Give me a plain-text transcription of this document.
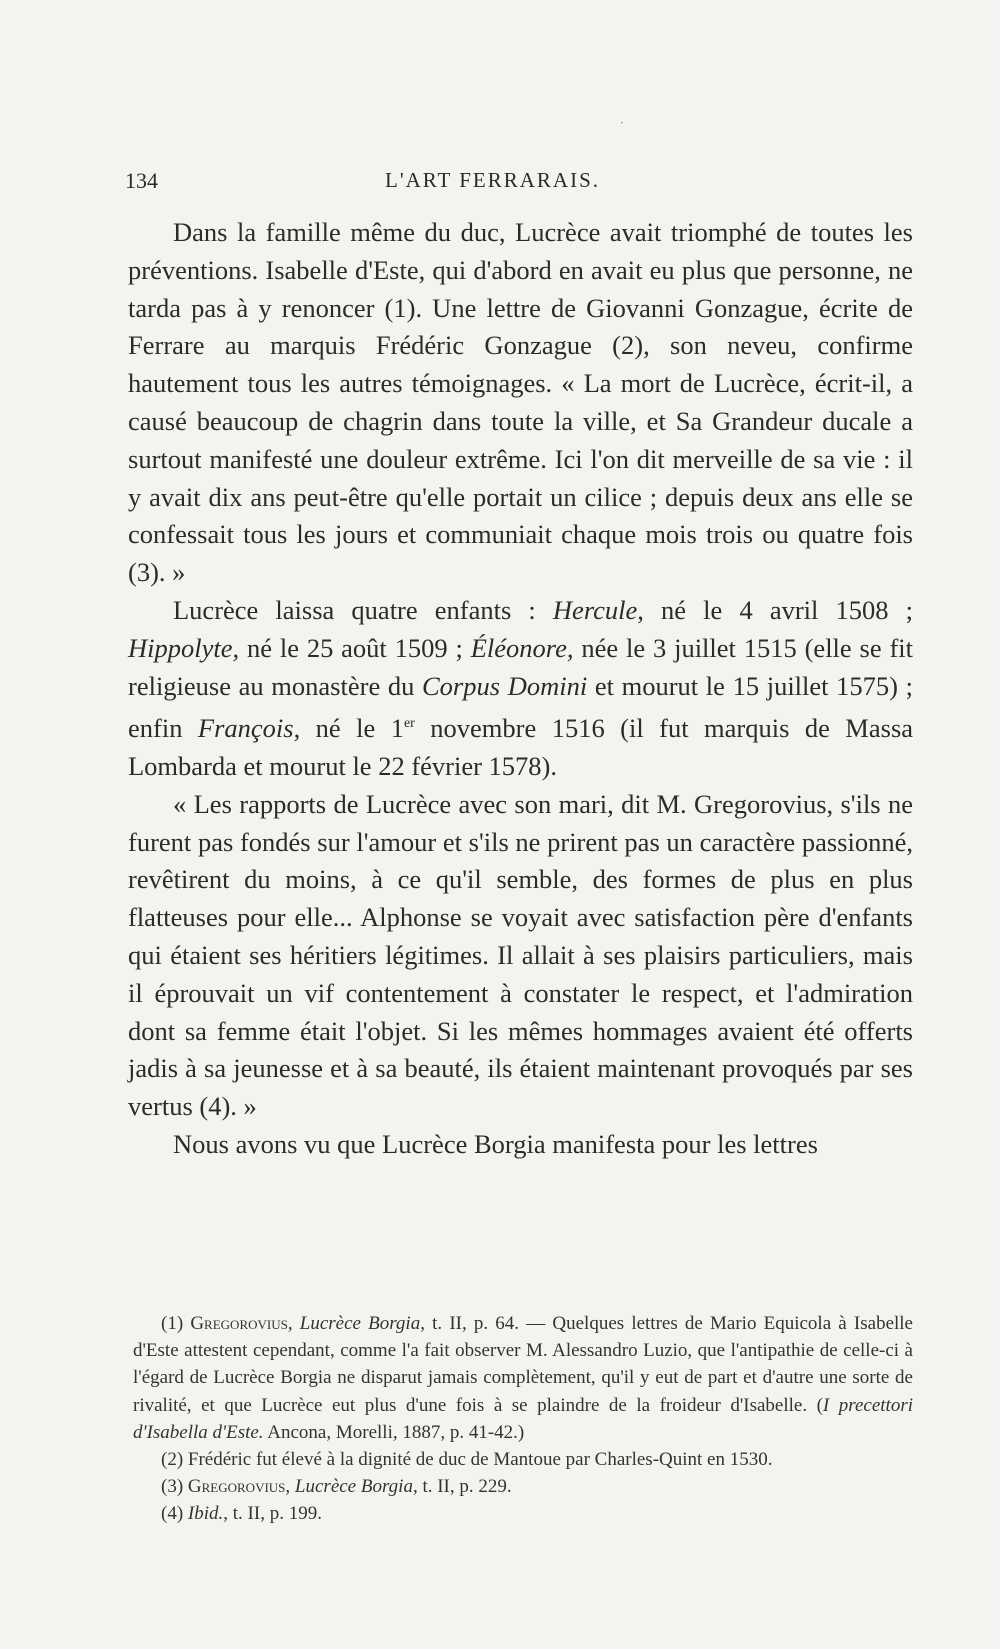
·
134	L'ART FERRARAIS.

Dans la famille même du duc, Lucrèce avait triomphé de toutes les préventions. Isabelle d'Este, qui d'abord en avait eu plus que personne, ne tarda pas à y renoncer (1). Une lettre de Giovanni Gonzague, écrite de Ferrare au marquis Frédéric Gonzague (2), son neveu, confirme hautement tous les autres témoignages. « La mort de Lucrèce, écrit-il, a causé beaucoup de chagrin dans toute la ville, et Sa Grandeur ducale a surtout manifesté une douleur extrême. Ici l'on dit merveille de sa vie : il y avait dix ans peut-être qu'elle portait un cilice ; depuis deux ans elle se confessait tous les jours et communiait chaque mois trois ou quatre fois (3). »

Lucrèce laissa quatre enfants : Hercule, né le 4 avril 1508 ; Hippolyte, né le 25 août 1509 ; Éléonore, née le 3 juillet 1515 (elle se fit religieuse au monastère du Corpus Domini et mourut le 15 juillet 1575) ; enfin François, né le 1er novembre 1516 (il fut marquis de Massa Lombarda et mourut le 22 février 1578).

« Les rapports de Lucrèce avec son mari, dit M. Gregorovius, s'ils ne furent pas fondés sur l'amour et s'ils ne prirent pas un caractère passionné, revêtirent du moins, à ce qu'il semble, des formes de plus en plus flatteuses pour elle... Alphonse se voyait avec satisfaction père d'enfants qui étaient ses héritiers légitimes. Il allait à ses plaisirs particuliers, mais il éprouvait un vif contentement à constater le respect, et l'admiration dont sa femme était l'objet. Si les mêmes hommages avaient été offerts jadis à sa jeunesse et à sa beauté, ils étaient maintenant provoqués par ses vertus (4). »

Nous avons vu que Lucrèce Borgia manifesta pour les lettres

(1) Gregorovius, Lucrèce Borgia, t. II, p. 64. — Quelques lettres de Mario Equicola à Isabelle d'Este attestent cependant, comme l'a fait observer M. Alessandro Luzio, que l'antipathie de celle-ci à l'égard de Lucrèce Borgia ne disparut jamais complètement, qu'il y eut de part et d'autre une sorte de rivalité, et que Lucrèce eut plus d'une fois à se plaindre de la froideur d'Isabelle. (I precettori d'Isabella d'Este. Ancona, Morelli, 1887, p. 41-42.)

(2) Frédéric fut élevé à la dignité de duc de Mantoue par Charles-Quint en 1530.

(3) Gregorovius, Lucrèce Borgia, t. II, p. 229.

(4) Ibid., t. II, p. 199.
